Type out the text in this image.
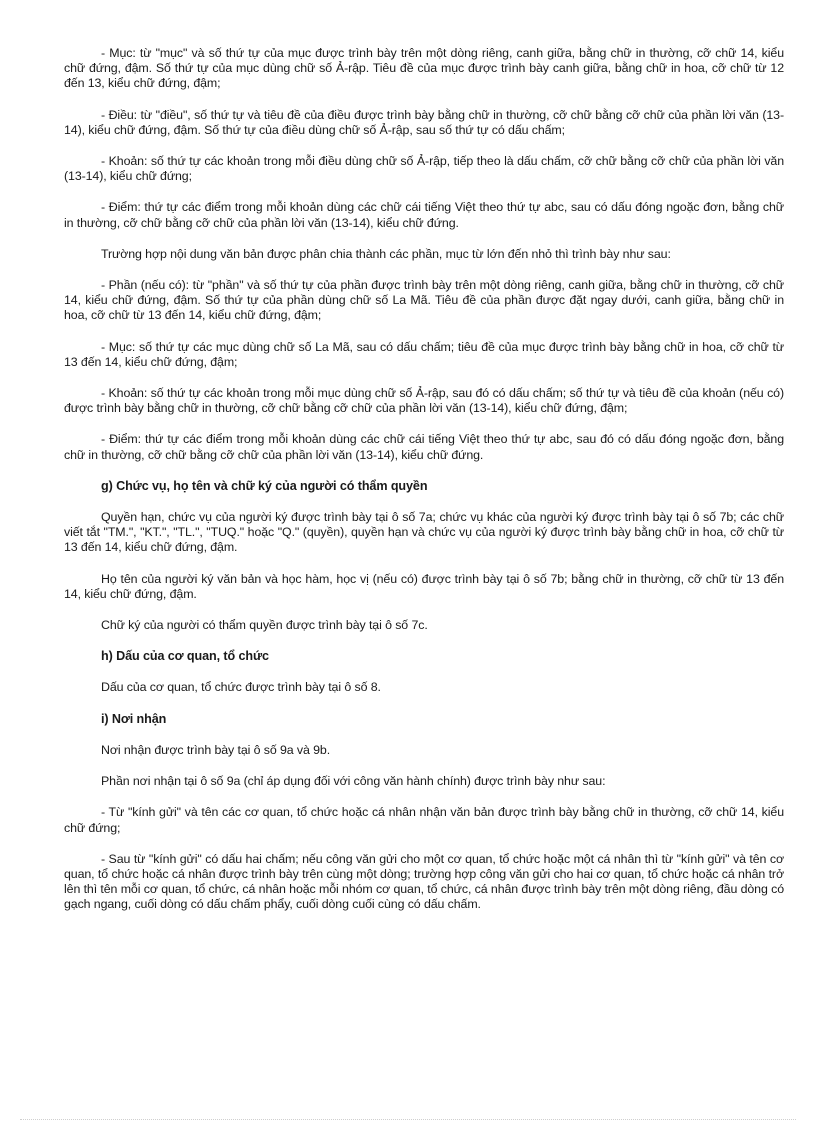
- Mục: từ "mục" và số thứ tự của mục được trình bày trên một dòng riêng, canh giữa, bằng chữ in thường, cỡ chữ 14, kiểu chữ đứng, đậm. Số thứ tự của mục dùng chữ số Ả-rập. Tiêu đề của mục được trình bày canh giữa, bằng chữ in hoa, cỡ chữ từ 12 đến 13, kiểu chữ đứng, đậm;

- Điều: từ "điều", số thứ tự và tiêu đề của điều được trình bày bằng chữ in thường, cỡ chữ bằng cỡ chữ của phần lời văn (13-14), kiểu chữ đứng, đậm. Số thứ tự của điều dùng chữ số Ả-rập, sau số thứ tự có dấu chấm;

- Khoản: số thứ tự các khoản trong mỗi điều dùng chữ số Ả-rập, tiếp theo là dấu chấm, cỡ chữ bằng cỡ chữ của phần lời văn (13-14), kiểu chữ đứng;

- Điểm: thứ tự các điểm trong mỗi khoản dùng các chữ cái tiếng Việt theo thứ tự abc, sau có dấu đóng ngoặc đơn, bằng chữ in thường, cỡ chữ bằng cỡ chữ của phần lời văn (13-14), kiểu chữ đứng.

Trường hợp nội dung văn bản được phân chia thành các phần, mục từ lớn đến nhỏ thì trình bày như sau:

- Phần (nếu có): từ "phần" và số thứ tự của phần được trình bày trên một dòng riêng, canh giữa, bằng chữ in thường, cỡ chữ 14, kiểu chữ đứng, đậm. Số thứ tự của phần dùng chữ số La Mã. Tiêu đề của phần được đặt ngay dưới, canh giữa, bằng chữ in hoa, cỡ chữ từ 13 đến 14, kiểu chữ đứng, đậm;

- Mục: số thứ tự các mục dùng chữ số La Mã, sau có dấu chấm; tiêu đề của mục được trình bày bằng chữ in hoa, cỡ chữ từ 13 đến 14, kiểu chữ đứng, đậm;

- Khoản: số thứ tự các khoản trong mỗi mục dùng chữ số Ả-rập, sau đó có dấu chấm; số thứ tự và tiêu đề của khoản (nếu có) được trình bày bằng chữ in thường, cỡ chữ bằng cỡ chữ của phần lời văn (13-14), kiểu chữ đứng, đậm;

- Điểm: thứ tự các điểm trong mỗi khoản dùng các chữ cái tiếng Việt theo thứ tự abc, sau đó có dấu đóng ngoặc đơn, bằng chữ in thường, cỡ chữ bằng cỡ chữ của phần lời văn (13-14), kiểu chữ đứng.

g) Chức vụ, họ tên và chữ ký của người có thẩm quyền

Quyền hạn, chức vụ của người ký được trình bày tại ô số 7a; chức vụ khác của người ký được trình bày tại ô số 7b; các chữ viết tắt "TM.", "KT.", "TL.", "TUQ." hoặc "Q." (quyền), quyền hạn và chức vụ của người ký được trình bày bằng chữ in hoa, cỡ chữ từ 13 đến 14, kiểu chữ đứng, đậm.

Họ tên của người ký văn bản và học hàm, học vị (nếu có) được trình bày tại ô số 7b; bằng chữ in thường, cỡ chữ từ 13 đến 14, kiểu chữ đứng, đậm.

Chữ ký của người có thẩm quyền được trình bày tại ô số 7c.

h) Dấu của cơ quan, tổ chức

Dấu của cơ quan, tổ chức được trình bày tại ô số 8.

i) Nơi nhận

Nơi nhận được trình bày tại ô số 9a và 9b.

Phần nơi nhận tại ô số 9a (chỉ áp dụng đối với công văn hành chính) được trình bày như sau:

- Từ "kính gửi" và tên các cơ quan, tổ chức hoặc cá nhân nhận văn bản được trình bày bằng chữ in thường, cỡ chữ 14, kiểu chữ đứng;

- Sau từ "kính gửi" có dấu hai chấm; nếu công văn gửi cho một cơ quan, tổ chức hoặc một cá nhân thì từ "kính gửi" và tên cơ quan, tổ chức hoặc cá nhân được trình bày trên cùng một dòng; trường hợp công văn gửi cho hai cơ quan, tổ chức hoặc cá nhân trở lên thì tên mỗi cơ quan, tổ chức, cá nhân hoặc mỗi nhóm cơ quan, tổ chức, cá nhân được trình bày trên một dòng riêng, đầu dòng có gạch ngang, cuối dòng có dấu chấm phẩy, cuối dòng cuối cùng có dấu chấm.
